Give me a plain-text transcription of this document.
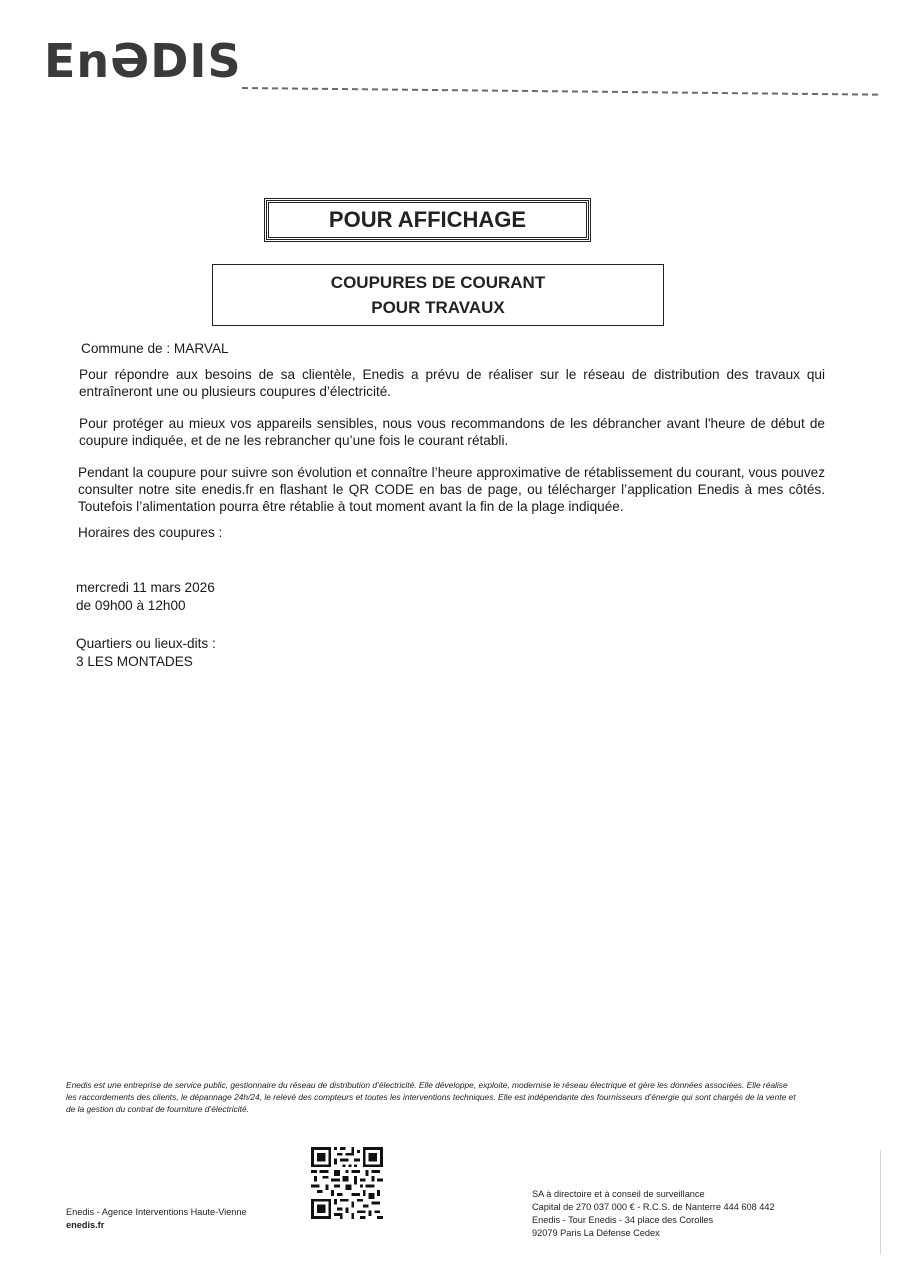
EnƏDIS
POUR AFFICHAGE
COUPURES DE COURANT
POUR TRAVAUX
Commune de : MARVAL
Pour répondre aux besoins de sa clientèle, Enedis a prévu de réaliser sur le réseau de distribution des travaux qui entraîneront une ou plusieurs coupures d’électricité.
Pour protéger au mieux vos appareils sensibles, nous vous recommandons de les débrancher avant l'heure de début de coupure indiquée, et de ne les rebrancher qu’une fois le courant rétabli.
Pendant la coupure pour suivre son évolution et connaître l’heure approximative de rétablissement du courant, vous pouvez consulter notre site enedis.fr en flashant le QR CODE en bas de page, ou télécharger l’application Enedis à mes côtés. Toutefois l’alimentation pourra être rétablie à tout moment avant la fin de la plage indiquée.
Horaires des coupures :
mercredi 11 mars 2026
de 09h00 à 12h00
Quartiers ou lieux-dits :
3 LES MONTADES
Enedis est une entreprise de service public, gestionnaire du réseau de distribution d’électricité. Elle développe, exploite, modernise le réseau électrique et gère les données associées. Elle réalise les raccordements des clients, le dépannage 24h/24, le relevé des compteurs et toutes les interventions techniques. Elle est indépendante des fournisseurs d’énergie qui sont chargés de la vente et de la gestion du contrat de fourniture d’électricité.
Enedis - Agence Interventions Haute-Vienne
enedis.fr
SA à directoire et à conseil de surveillance
Capital de 270 037 000 € - R.C.S. de Nanterre 444 608 442
Enedis - Tour Enedis - 34 place des Corolles
92079 Paris La Défense Cedex
